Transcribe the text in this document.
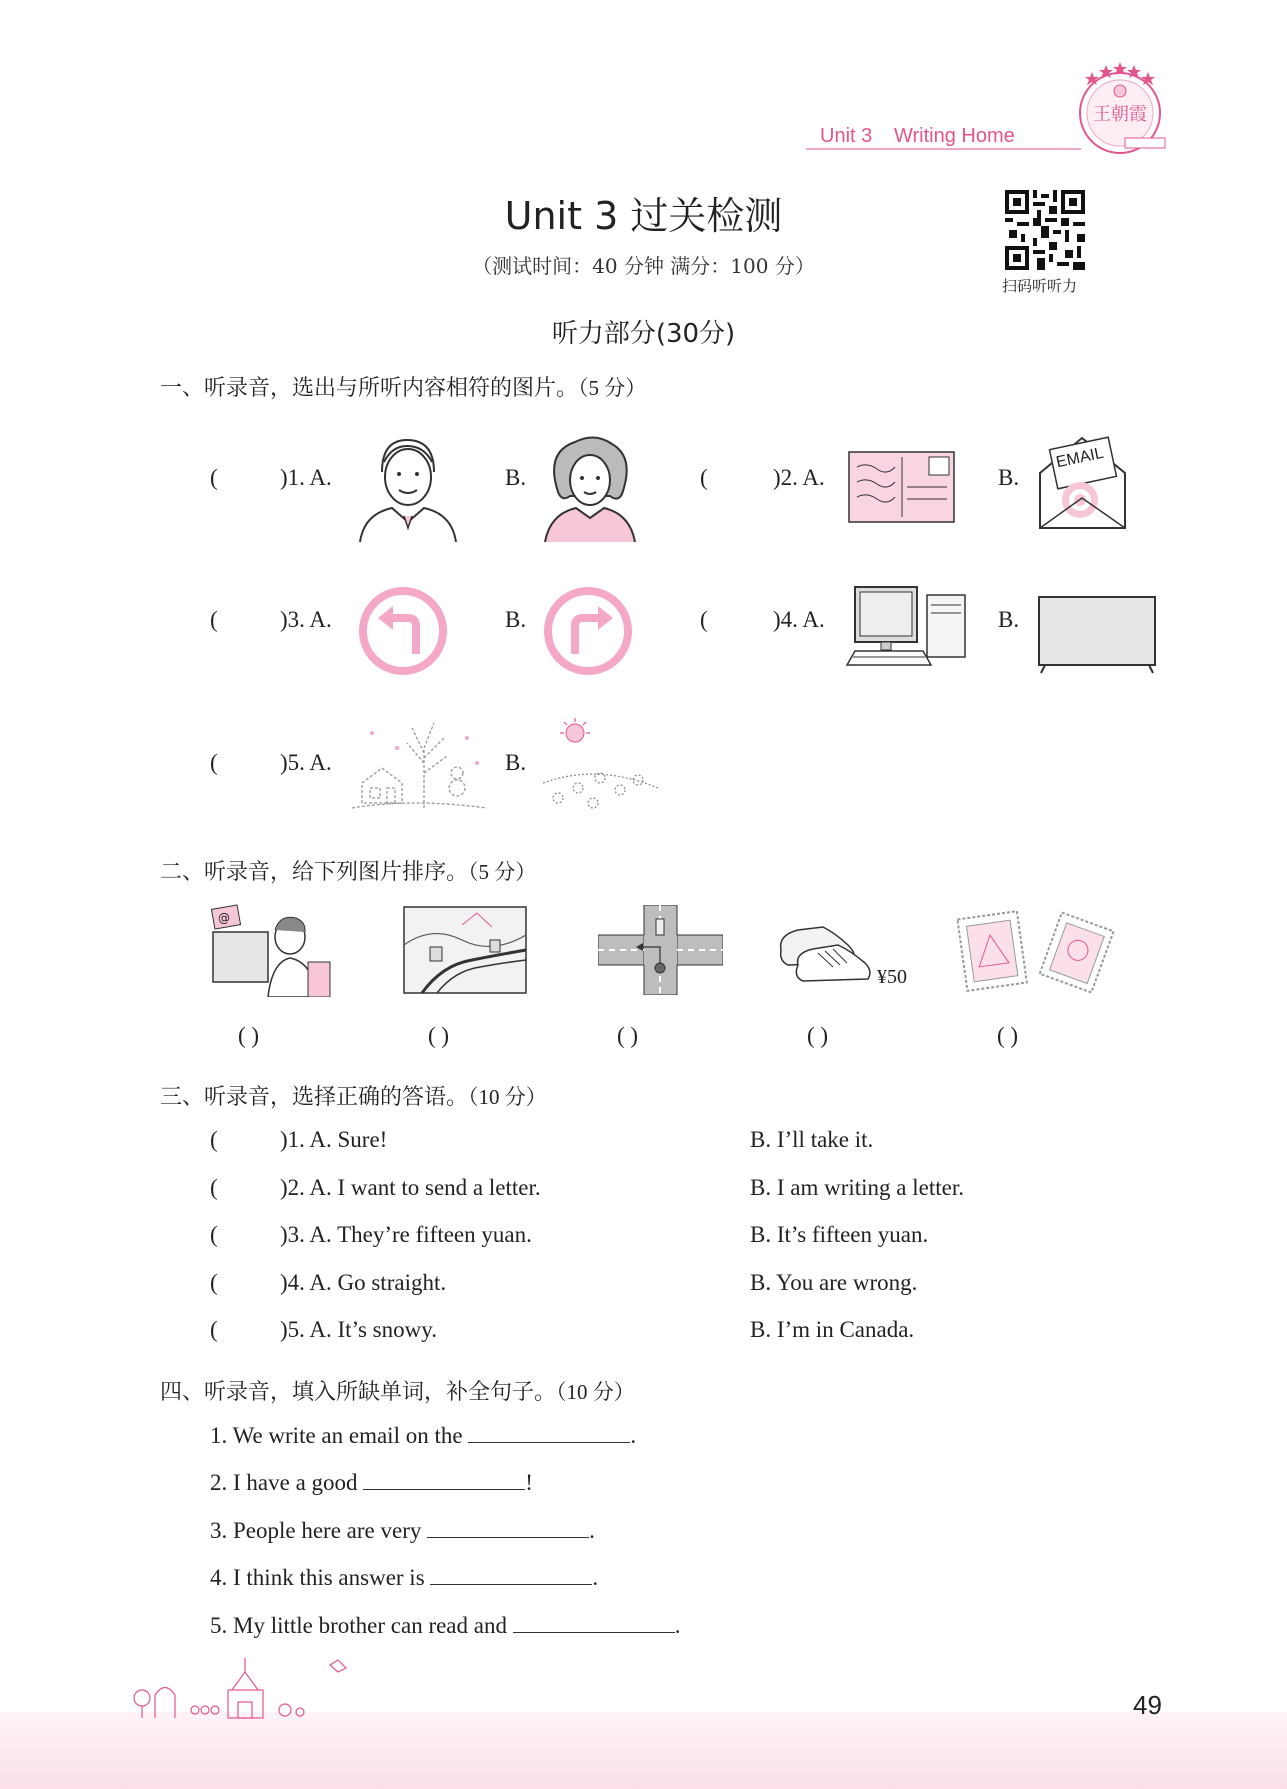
Unit 3 Writing Home
王朝霞
Unit 3 过关检测
（测试时间：40 分钟 满分：100 分）
扫码听听力
听力部分(30分)
一、听录音，选出与所听内容相符的图片。（5 分）
(	)1. A.	B.	(	)2. A.	B.
EMAIL
(	)3. A.	B.	(	)4. A.	B.
(	)5. A.	B.
二、听录音，给下列图片排序。（5 分）
@
¥50
( )	( )	( )	( )	( )
三、听录音，选择正确的答语。（10 分）
(	)1. A. Sure!	B. I’ll take it.
(	)2. A. I want to send a letter.	B. I am writing a letter.
(	)3. A. They’re fifteen yuan.	B. It’s fifteen yuan.
(	)4. A. Go straight.	B. You are wrong.
(	)5. A. It’s snowy.	B. I’m in Canada.
四、听录音，填入所缺单词，补全句子。（10 分）
1. We write an email on the	.
2. I have a good	!
3. People here are very	.
4. I think this answer is	.
5. My little brother can read and	.
49
